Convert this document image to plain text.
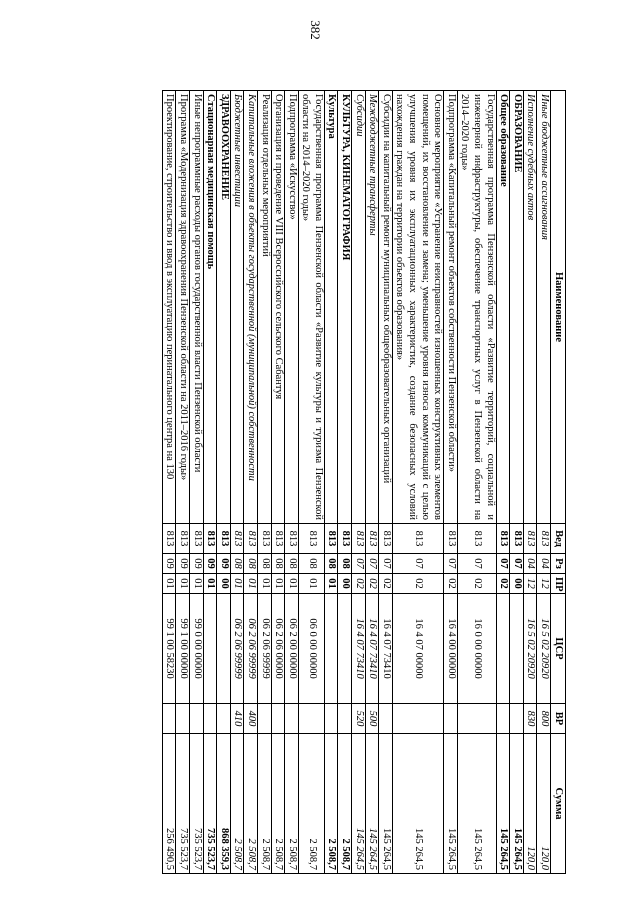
382
Наименование	Вед	Рз	ПР	ЦСР	ВР	Сумма
Иные бюджетные ассигнования	813	04	12	16 5 02 20920	800	120,0
Исполнение судебных актов	813	04	12	16 5 02 20920	830	120,0
ОБРАЗОВАНИЕ	813	07	00			145 264,5
Общее образование	813	07	02			145 264,5
Государственная программа Пензенской области «Развитие территорий, социальной и инженерной инфраструктуры, обеспечение транспортных услуг в Пензенской области на 2014–2020 годы»	813	07	02	16 0 00 00000		145 264,5
Подпрограмма «Капитальный ремонт объектов собственности Пензенской области»	813	07	02	16 4 00 00000		145 264,5
Основное мероприятие «Устранение неисправностей изношенных конструктивных элементов помещений, их восстановление и замена; уменьшение уровня износа коммуникаций с целью улучшения уровня их эксплуатационных характеристик, создание безопасных условий нахождения граждан на территории объектов образования»	813	07	02	16 4 07 00000		145 264,5
Субсидии на капитальный ремонт муниципальных общеобразовательных организаций	813	07	02	16 4 07 73410		145 264,5
Межбюджетные трансферты	813	07	02	16 4 07 73410	500	145 264,5
Субсидии	813	07	02	16 4 07 73410	520	145 264,5
КУЛЬТУРА, КИНЕМАТОГРАФИЯ	813	08	00			2 508,7
Культура	813	08	01			2 508,7
Государственная программа Пензенской области «Развитие культуры и туризма Пензенской области на 2014–2020 годы»	813	08	01	06 0 00 00000		2 508,7
Подпрограмма «Искусство»	813	08	01	06 2 00 00000		2 508,7
Организация и проведение VIII Всероссийского сельского Сабантуя	813	08	01	06 2 06 00000		2 508,7
Реализация отдельных мероприятий	813	08	01	06 2 06 99999		2 508,7
Капитальные вложения в объекты государственной (муниципальной) собственности	813	08	01	06 2 06 99999	400	2 508,7
Бюджетные инвестиции	813	08	01	06 2 06 99999	410	2 508,7
ЗДРАВООХРАНЕНИЕ	813	09	00			868 359,3
Стационарная медицинская помощь	813	09	01			735 523,7
Иные непрограммные расходы органов государственной власти Пензенской области	813	09	01	99 0 00 00000		735 523,7
Программа «Модернизация здравоохранения Пензенской области на 2011–2016 годы»	813	09	01	99 1 00 00000		735 523,7
Проектирование, строительство и ввод в эксплуатацию перинатального центра на 130	813	09	01	99 1 00 58230		256 490,5
